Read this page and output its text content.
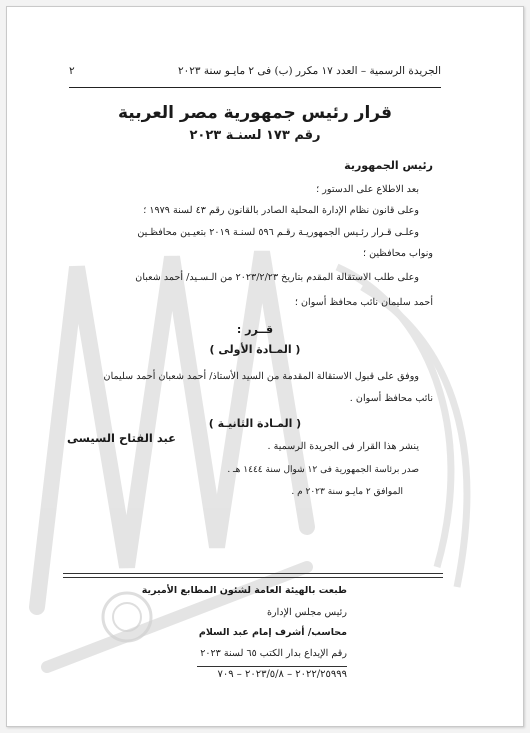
٢	الجريدة الرسمية – العدد ١٧ مكرر (ب) فى ٢ مايـو سنة ٢٠٢٣
قرار رئيس جمهورية مصر العربية
رقم ١٧٣ لسنـة ٢٠٢٣
رئيس الجمهورية
بعد الاطلاع على الدستور ؛
وعلى قانون نظام الإدارة المحلية الصادر بالقانون رقم ٤٣ لسنة ١٩٧٩ ؛
وعلـى قـرار رئـيس الجمهوريـة رقـم ٥٩٦ لسنـة ٢٠١٩ بتعيـين محافظـين
ونواب محافظين ؛
وعلى طلب الاستقالة المقدم بتاريخ ٢٠٢٣/٢/٢٣ من الـسـيد/ أحمد شعبان
أحمد سليمان نائب محافظ أسوان ؛
قــرر :
( المـادة الأولى )
ووفق على قبول الاستقالة المقدمة من السيد الأستاذ/ أحمد شعبان أحمد سليمان
نائب محافظ أسوان .
( المـادة الثانيـة )
ينشر هذا القرار فى الجريدة الرسمية .
صدر برئاسة الجمهورية فى ١٢ شوال سنة ١٤٤٤ هـ .
الموافق ٢ مايـو سنة ٢٠٢٣ م .
عبد الفتاح السيسى
طبعت بالهيئة العامة لشئون المطابع الأميرية
رئيس مجلس الإدارة
محاسب/ أشرف إمام عبد السلام
رقم الإيداع بدار الكتب ٦٥ لسنة ٢٠٢٣
٢٠٢٢/٢٥٩٩٩ – ٢٠٢٣/٥/٨ – ٧٠٩
